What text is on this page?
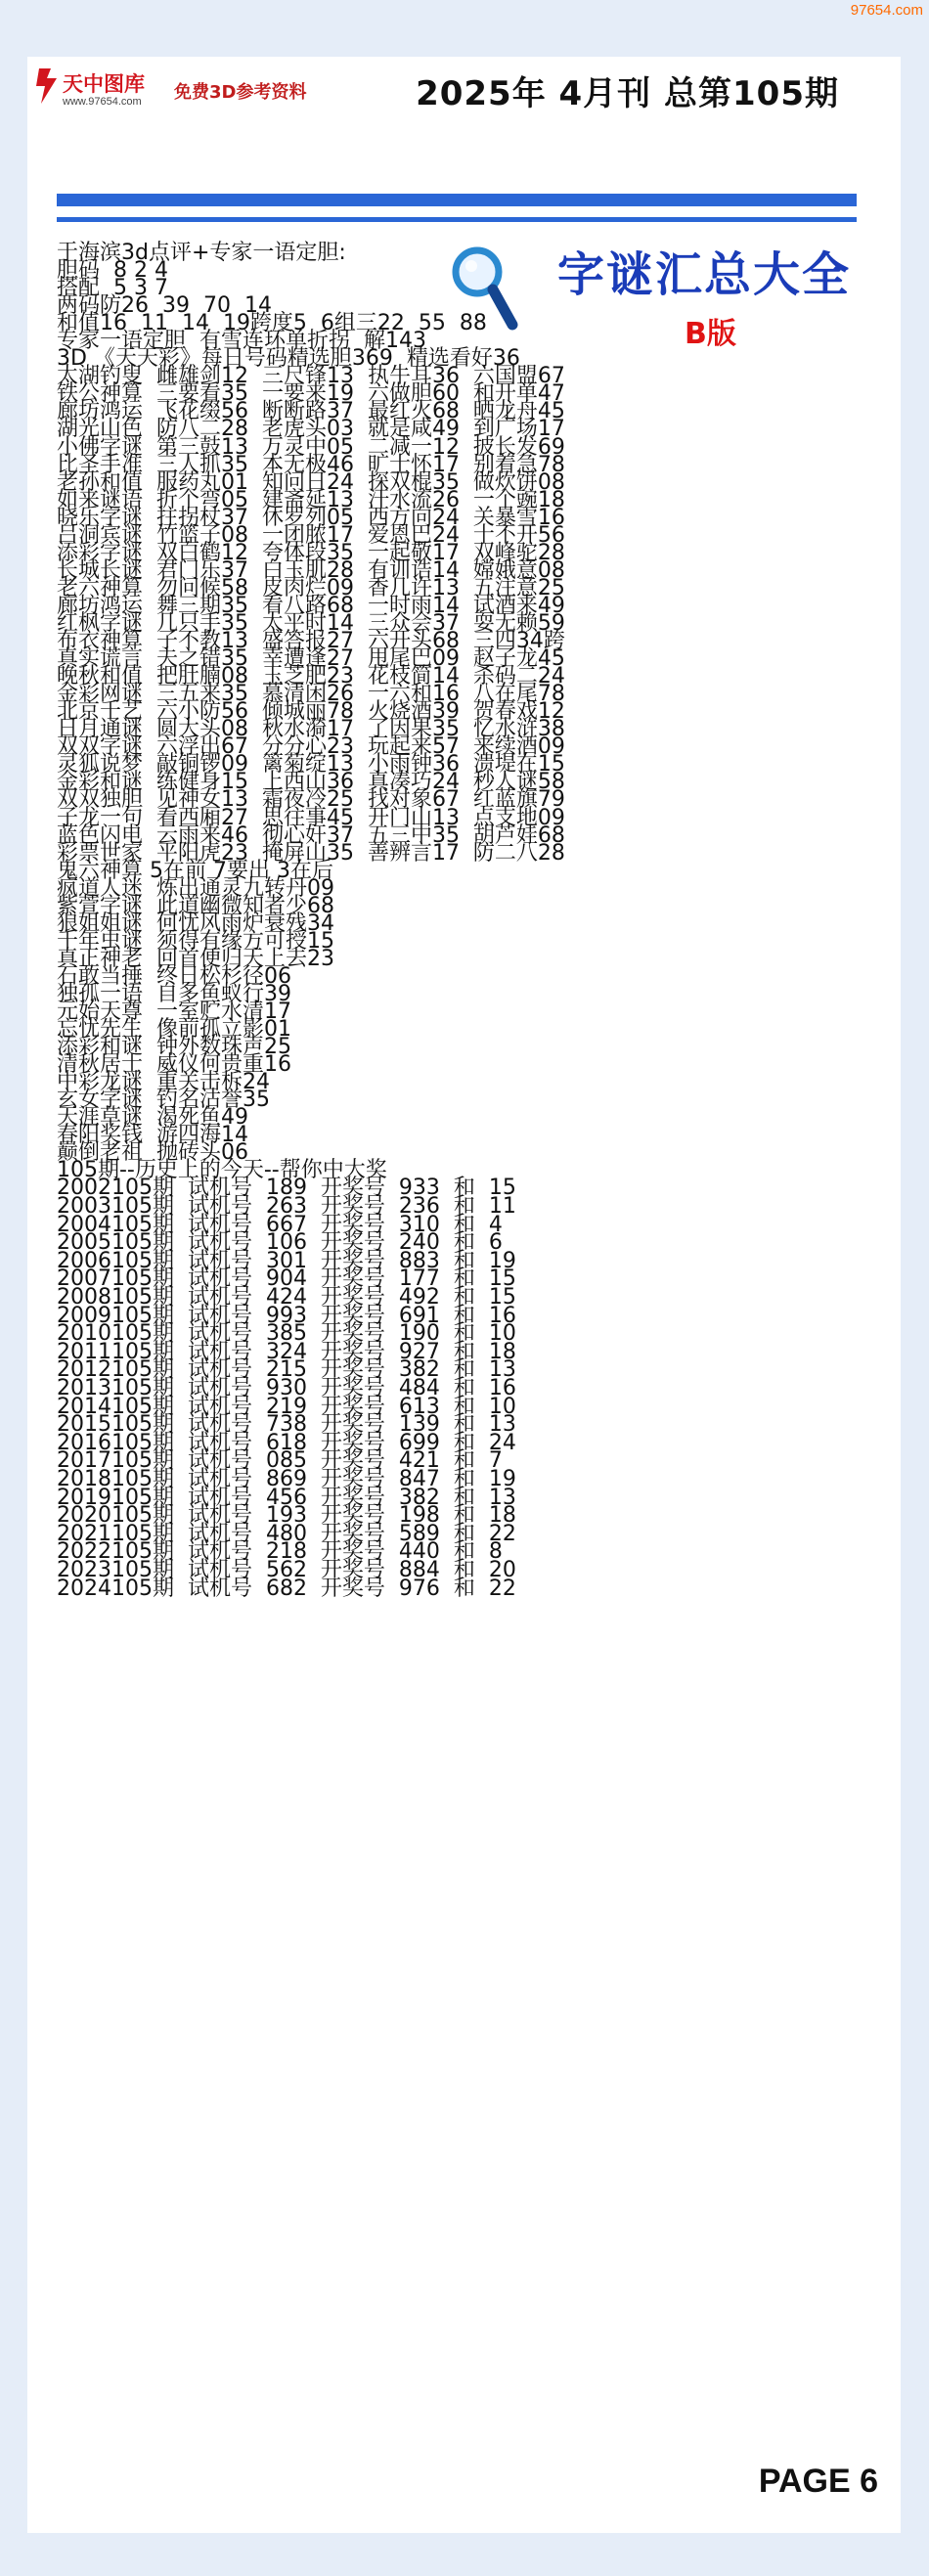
97654.com
天中图库
www.97654.com 免费3D参考资料	2025年 4月刊 总第105期
字谜汇总大全
B版
于海滨3d点评+专家一语定胆:
胆码  8 2 4
搭配  5 3 7
两码防26  39  70  14
和值16  11  14  19跨度5  6组三22  55  88
专家一语定胆  有雪连环单折拐  解143
3D 《天天彩》每日号码精选胆369  精选看好36
太湖钓叟  雌雄剑12  三尺锋13  执牛耳36  六国盟67
铁公神算  三要看35  一要来19  六做胆60  和开单47
廊坊鸿运  飞花缀56  断断路37  最红火68  晒龙舟45
湖光山色  防八二28  老虎头03  就是咸49  到广场17
小佛字谜  第三鼓13  万灵中05  二减一12  披长发69
比圣手准  三人抓35  本无极46  旷士怀17  别着急78
老孙和值  服药丸01  知问日24  探双棍35  做炊饼08
如来谜语  折个弯05  建斋延13  汗水流26  一个豌18
晓乐字谜  拄拐杖37  休罗列05  西方向24  关暴雪16
吕洞宾谜  竹篮子08  一团脓17  爱恩巴24  十不开56
添彩字谜  双白鹤12  夸体段35  一起敬17  双峰驼28
长城长谜  君门乐37  白玉肌28  有训诰14  嫦娥意08
老六神算  勿问候58  皮肉烂09  香几许13  五注意25
廊坊鸿运  舞三期35  看八路68  一时雨14  试酒来49
红枫字谜  几只手35  太平时14  三众会37  耍无赖59
布衣神算  子不教13  盛答报27  六开头68  三四34跨
真实谎言  夫之错35  幸遭逢27  甩尾巴09  赵子龙45
晚秋和值  把肚腩08  玉芝肥23  花枝简14  杀码二24
金彩网谜  三五来35  慕清闲26  一六和16  八在尾78
北京千艺  六小防56  倾城丽78  火烧酒39  贺春戏12
日月通谜  圆大头08  秋水漪17  了因果35  忆水浒38
双双字谜  六浮出67  分分心23  玩起来57  来续酒09
灵狐说梦  敲铜锣09  篱菊绽13  小雨钟36  溃堤在15
金彩和谜  练健身15  上西山36  真凑巧24  秒人谜58
双双独胆  见神女13  霜夜冷25  找对象67  红蓝旗79
子龙一句  看西厢27  思往事45  开门山13  点支地09
蓝色闪电  云雨来46  彻心奸37  五三中35  胡芦娃68
彩票世家  平阳虎23  掩屏山35  善辨言17  防二八28
鬼六神算 5在前 7要出 3在后
疯道人迷  炼出通灵九转丹09
紫萱字谜  此道幽微知者少68
狼姐姐谜  何忧风雨炉衰残34
千年虫谜  须得有缘方可授15
真正神老  回首便归天上去23
石敢当捶  终日松杉径06
独孤一语  自多鱼蚁行39
元始天尊  一室贮水清17
忘忧先生  像前孤立影01
添彩和谜  钟外数珠声25
清秋居士  威仪何贵重16
中彩龙谜  重关击柝24
玄女字谜  钓名沽誉35
天涯草谜  渴死鱼49
春阳奖钱  游四海14
巅倒老祖  抛砖头06
105期--历史上的今天--帮你中大奖
2002105期  试机号  189  开奖号  933  和  15
2003105期  试机号  263  开奖号  236  和  11
2004105期  试机号  667  开奖号  310  和  4
2005105期  试机号  106  开奖号  240  和  6
2006105期  试机号  301  开奖号  883  和  19
2007105期  试机号  904  开奖号  177  和  15
2008105期  试机号  424  开奖号  492  和  15
2009105期  试机号  993  开奖号  691  和  16
2010105期  试机号  385  开奖号  190  和  10
2011105期  试机号  324  开奖号  927  和  18
2012105期  试机号  215  开奖号  382  和  13
2013105期  试机号  930  开奖号  484  和  16
2014105期  试机号  219  开奖号  613  和  10
2015105期  试机号  738  开奖号  139  和  13
2016105期  试机号  618  开奖号  699  和  24
2017105期  试机号  085  开奖号  421  和  7
2018105期  试机号  869  开奖号  847  和  19
2019105期  试机号  456  开奖号  382  和  13
2020105期  试机号  193  开奖号  198  和  18
2021105期  试机号  480  开奖号  589  和  22
2022105期  试机号  218  开奖号  440  和  8
2023105期  试机号  562  开奖号  884  和  20
2024105期  试机号  682  开奖号  976  和  22
PAGE 6
